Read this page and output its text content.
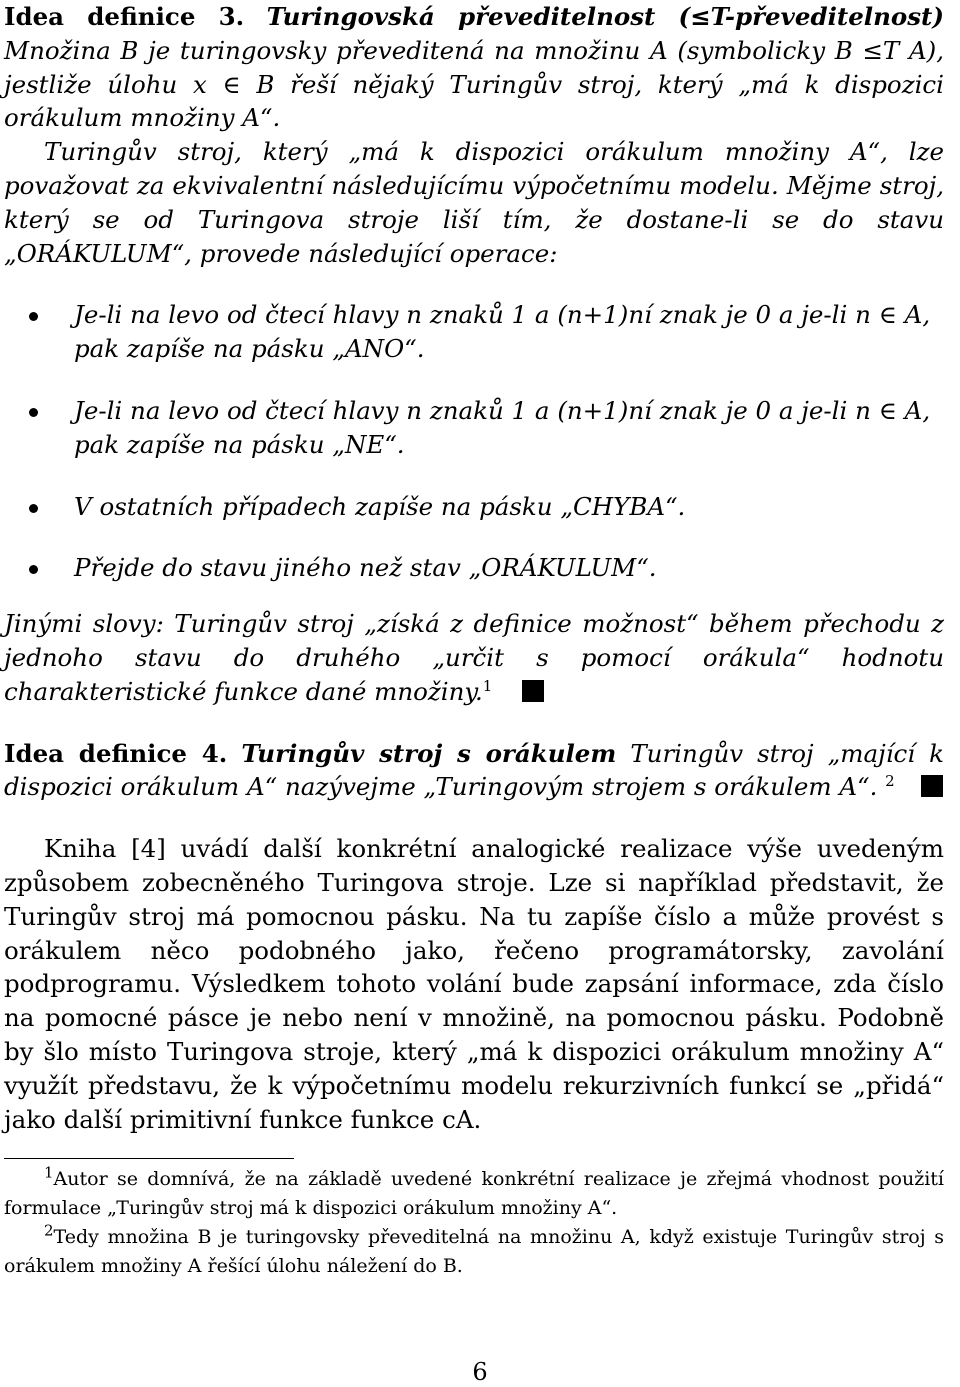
Idea definice 3. Turingovská převeditelnost (≤T-převeditelnost) Množina B je turingovsky převeditená na množinu A (symbolicky B ≤T A), jestliže úlohu x ∈ B řeší nějaký Turingův stroj, který „má k dispozici orákulum množiny A“.

Turingův stroj, který „má k dispozici orákulum množiny A“, lze považovat za ekvivalentní následujícímu výpočetnímu modelu. Mějme stroj, který se od Turingova stroje liší tím, že dostane-li se do stavu „ORÁKULUM“, provede následující operace:

Je-li na levo od čtecí hlavy n znaků 1 a (n+1)ní znak je 0 a je-li n ∈ A, pak zapíše na pásku „ANO“.
Je-li na levo od čtecí hlavy n znaků 1 a (n+1)ní znak je 0 a je-li n ∈ A, pak zapíše na pásku „NE“.
V ostatních případech zapíše na pásku „CHYBA“.
Přejde do stavu jiného než stav „ORÁKULUM“.

Jinými slovy: Turingův stroj „získá z definice možnost“ během přechodu z jednoho stavu do druhého „určit s pomocí orákula“ hodnotu charakteristické funkce dané množiny.$^1$

Idea definice 4. Turingův stroj s orákulem Turingův stroj „mající k dispozici orákulum A“ nazývejme „Turingovým strojem s orákulem A“. $^2$

Kniha [4] uvádí další konkrétní analogické realizace výše uvedeným způsobem zobecněného Turingova stroje. Lze si například představit, že Turingův stroj má pomocnou pásku. Na tu zapíše číslo a může provést s orákulem něco podobného jako, řečeno programátorsky, zavolání podprogramu. Výsledkem tohoto volání bude zapsání informace, zda číslo na pomocné pásce je nebo není v množině, na pomocnou pásku. Podobně by šlo místo Turingova stroje, který „má k dispozici orákulum množiny A“ využít představu, že k výpočetnímu modelu rekurzivních funkcí se „přidá“ jako další primitivní funkce funkce cA.

$^1$Autor se domnívá, že na základě uvedené konkrétní realizace je zřejmá vhodnost použití formulace „Turingův stroj má k dispozici orákulum množiny A“.

$^2$Tedy množina B je turingovsky převeditelná na množinu A, když existuje Turingův stroj s orákulem množiny A řešící úlohu náležení do B.

6
